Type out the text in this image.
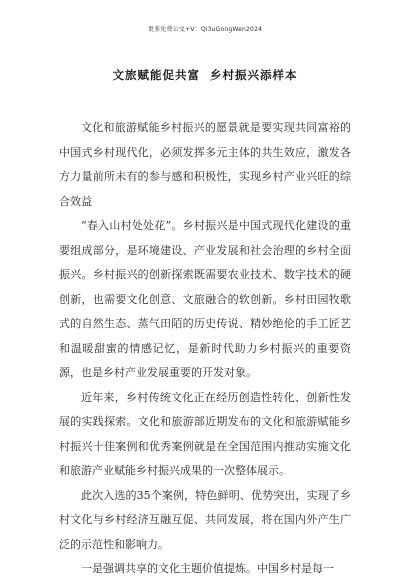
更多免费公文+V：Qi3uGongWen2024
文旅赋能促共富  乡村振兴添样本

文化和旅游赋能乡村振兴的愿景就是要实现共同富裕的中国式乡村现代化，必须发挥多元主体的共生效应，激发各方力量前所未有的参与感和积极性，实现乡村产业兴旺的综合效益

“春入山村处处花”。乡村振兴是中国式现代化建设的重要组成部分，是环境建设、产业发展和社会治理的乡村全面振兴。乡村振兴的创新探索既需要农业技术、数字技术的硬创新，也需要文化创意、文旅融合的软创新。乡村田园牧歌式的自然生态、蒸气田陌的历史传说、精妙绝伦的手工匠艺和温暖甜蜜的情感记忆，是新时代助力乡村振兴的重要资源，也是乡村产业发展重要的开发对象。

近年来，乡村传统文化正在经历创造性转化、创新性发展的实践探索。文化和旅游部近期发布的文化和旅游赋能乡村振兴十佳案例和优秀案例就是在全国范围内推动实施文化和旅游产业赋能乡村振兴成果的一次整体展示。

此次入选的35个案例，特色鲜明、优势突出，实现了乡村文化与乡村经济互融互促、共同发展，将在国内外产生广泛的示范性和影响力。

一是强调共享的文化主题价值提炼。中国乡村是每一
